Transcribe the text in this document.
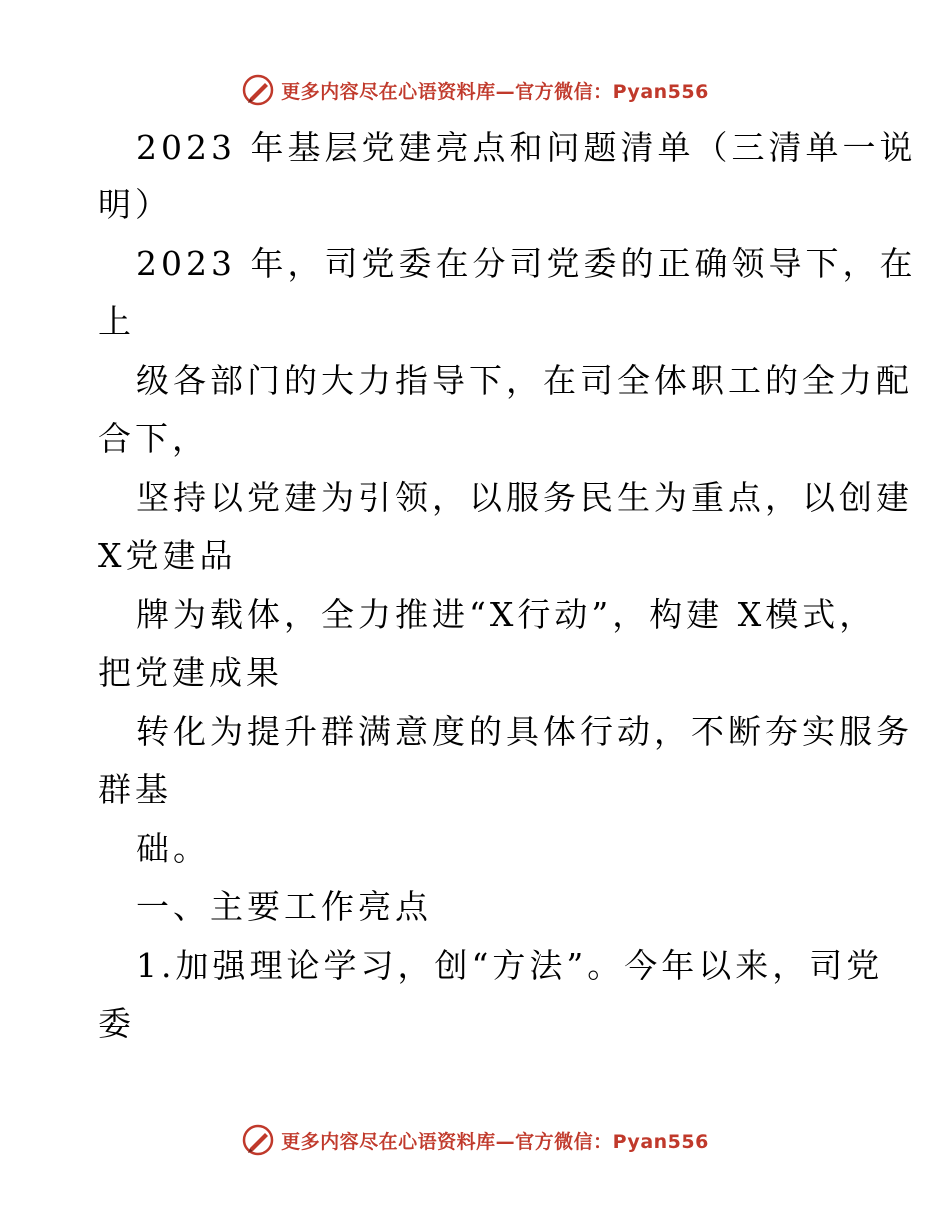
更多内容尽在心语资料库—官方微信：Pyan556
2023 年基层党建亮点和问题清单（三清单一说
明）
2023 年，司党委在分司党委的正确领导下，在
上
级各部门的大力指导下，在司全体职工的全力配
合下，
坚持以党建为引领，以服务民生为重点，以创建
X党建品
牌为载体，全力推进“X行动”，构建 X模式，
把党建成果
转化为提升群满意度的具体行动，不断夯实服务
群基
础。
一、主要工作亮点
1.加强理论学习，创“方法”。今年以来，司党
委
更多内容尽在心语资料库—官方微信：Pyan556
